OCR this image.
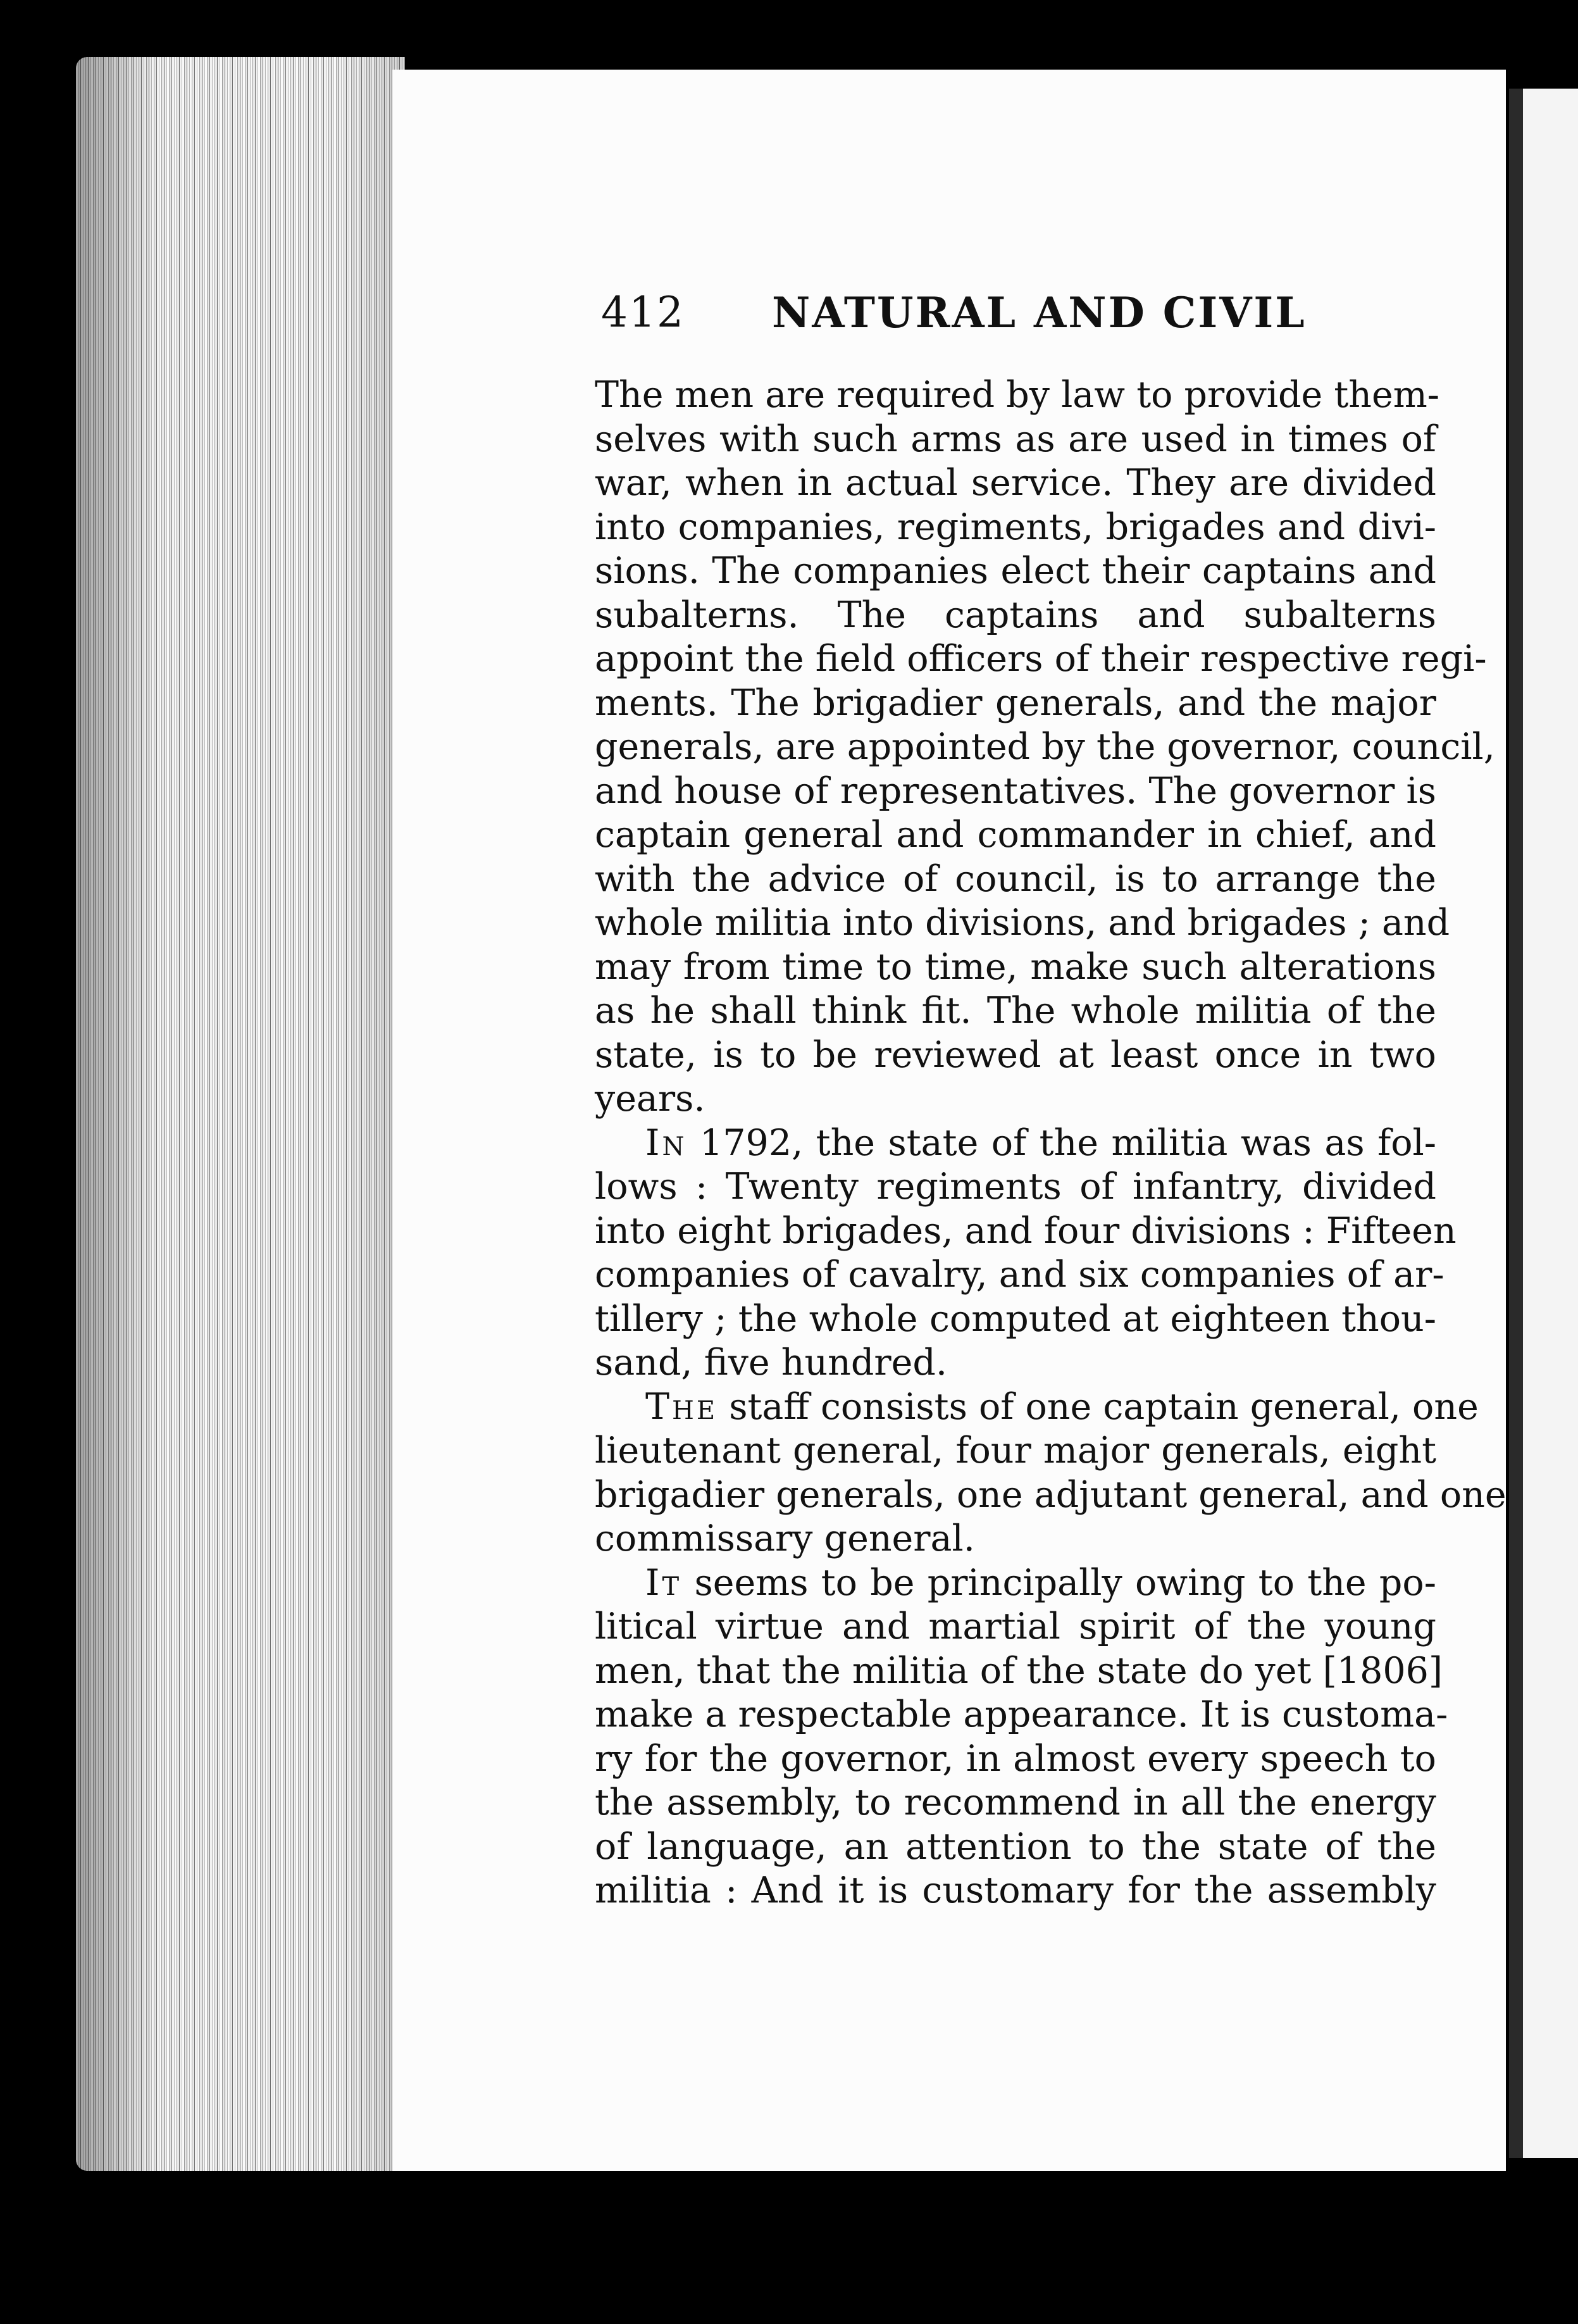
412 NATURAL AND CIVIL
The men are required by law to provide them-
selves with such arms as are used in times of
war, when in actual service. They are divided
into companies, regiments, brigades and divi-
sions. The companies elect their captains and
subalterns. The captains and subalterns
appoint the field officers of their respective regi-
ments. The brigadier generals, and the major
generals, are appointed by the governor, council,
and house of representatives. The governor is
captain general and commander in chief, and
with the advice of council, is to arrange the
whole militia into divisions, and brigades ; and
may from time to time, make such alterations
as he shall think fit. The whole militia of the
state, is to be reviewed at least once in two
years.
In 1792, the state of the militia was as fol-
lows : Twenty regiments of infantry, divided
into eight brigades, and four divisions : Fifteen
companies of cavalry, and six companies of ar-
tillery ; the whole computed at eighteen thou-
sand, five hundred.
The staff consists of one captain general, one
lieutenant general, four major generals, eight
brigadier generals, one adjutant general, and one
commissary general.
It seems to be principally owing to the po-
litical virtue and martial spirit of the young
men, that the militia of the state do yet [1806]
make a respectable appearance. It is customa-
ry for the governor, in almost every speech to
the assembly, to recommend in all the energy
of language, an attention to the state of the
militia : And it is customary for the assembly
